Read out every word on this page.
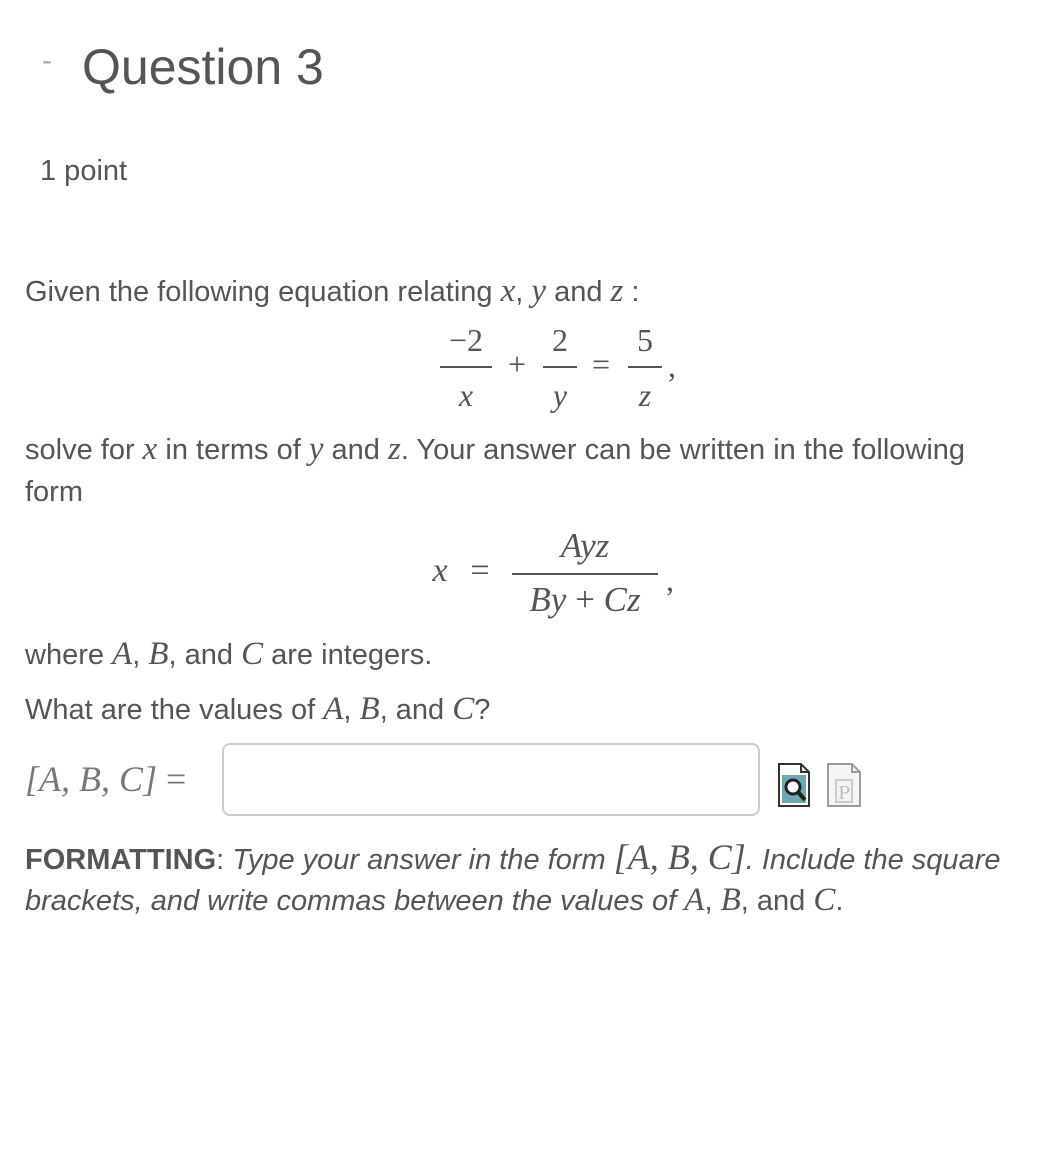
- Question 3
1 point
Given the following equation relating x, y and z :
−2
x
+
2
y
=
5
z
,
solve for x in terms of y and z. Your answer can be written in the following
form
x =
Ayz
By + Cz ,
where A, B, and C are integers.
What are the values of A, B, and C?
[A, B, C] =	P
FORMATTING: Type your answer in the form [A, B, C]. Include the square
brackets, and write commas between the values of A, B, and C.
